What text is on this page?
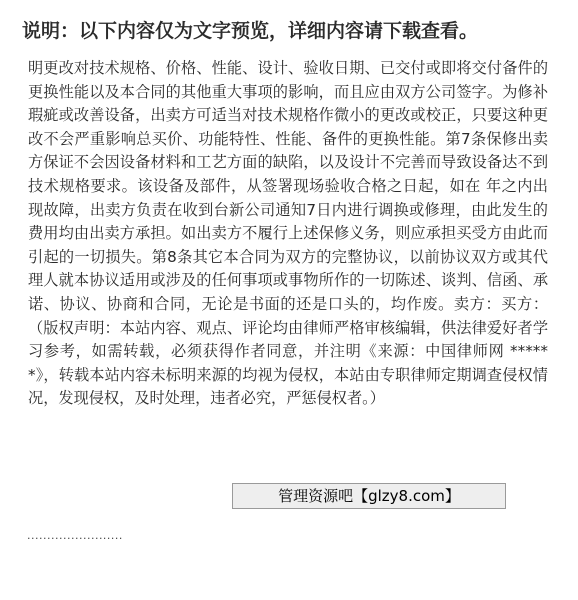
说明：以下内容仅为文字预览，详细内容请下载查看。

明更改对技术规格、价格、性能、设计、验收日期、已交付或即将交付备件的更换性能以及本合同的其他重大事项的影响，而且应由双方公司签字。为修补瑕疵或改善设备，出卖方可适当对技术规格作微小的更改或校正，只要这种更改不会严重影响总买价、功能特性、性能、备件的更换性能。第7条保修出卖方保证不会因设备材料和工艺方面的缺陷，以及设计不完善而导致设备达不到技术规格要求。该设备及部件，从签署现场验收合格之日起，如在 年之内出现故障，出卖方负责在收到台新公司通知7日内进行调换或修理，由此发生的费用均由出卖方承担。如出卖方不履行上述保修义务，则应承担买受方由此而引起的一切损失。第8条其它本合同为双方的完整协议，以前协议双方或其代理人就本协议适用或涉及的任何事项或事物所作的一切陈述、谈判、信函、承诺、协议、协商和合同，无论是书面的还是口头的，均作废。卖方：买方：（版权声明：本站内容、观点、评论均由律师严格审核编辑，供法律爱好者学习参考，如需转载，必须获得作者同意，并注明《来源：中国律师网 ******》，转载本站内容未标明来源的均视为侵权，本站由专职律师定期调查侵权情况，发现侵权，及时处理，违者必究，严惩侵权者。）

管理资源吧【glzy8.com】
························
